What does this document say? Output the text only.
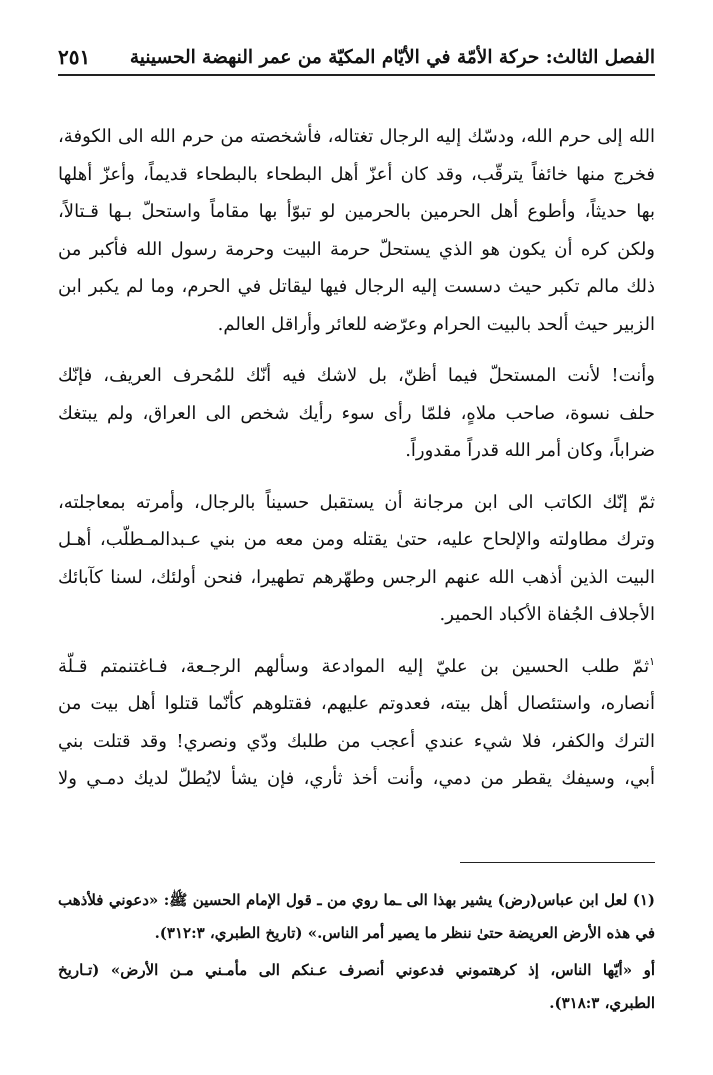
الفصل الثالث: حركة الأمّة في الأيّام المكيّة من عمر النهضة الحسينية
٢٥١
الله إلى حرم الله، ودسّك إليه الرجال تغتاله، فأشخصته من حرم الله الى الكوفة،
فخرج منها خائفاً يترقّب، وقد كان أعزّ أهل البطحاء بالبطحاء قديماً، وأعزّ أهلها
بها حديثاً، وأطوع أهل الحرمين بالحرمين لو تبوّأ بها مقاماً واستحلّ بـها قـتالاً،
ولكن كره أن يكون هو الذي يستحلّ حرمة البيت وحرمة رسول الله فأكبر من
ذلك مالم تكبر حيث دسست إليه الرجال فيها ليقاتل في الحرم، وما لم يكبر ابن
الزبير حيث ألحد بالبيت الحرام وعرّضه للعائر وأراقل العالم.
وأنت! لأنت المستحلّ فيما أظنّ، بل لاشك فيه أنّك للمُحرف العريف، فإنّك
حلف نسوة، صاحب ملاهٍ، فلمّا رأى سوء رأيك شخص الى العراق، ولم يبتغك
ضراباً، وكان أمر الله قدراً مقدوراً.
ثمّ إنّك الكاتب الى ابن مرجانة أن يستقبل حسيناً بالرجال، وأمرته بمعاجلته،
وترك مطاولته والإلحاح عليه، حتىٰ يقتله ومن معه من بني عـبدالمـطلّب، أهـل
البيت الذين أذهب الله عنهم الرجس وطهّرهم تطهيرا، فنحن أولئك، لسنا كآبائك
الأجلاف الجُفاة الأكباد الحمير.
$^١$ثمّ طلب الحسين بن عليّ إليه الموادعة وسألهم الرجـعة، فـاغتنمتم قـلّة
أنصاره، واستئصال أهل بيته، فعدوتم عليهم، فقتلوهم كأنّما قتلوا أهل بيت من
الترك والكفر، فلا شيء عندي أعجب من طلبك ودّي ونصري! وقد قتلت بني
أبي، وسيفك يقطر من دمي، وأنت أخذ ثأري، فإن يشأ لايُطلّ لديك دمـي ولا
(١) لعل ابن عباس(رض) يشير بهذا الى ـما روي من ـ قول الإمام الحسين ﷺ: «دعوني فلأذهب
في هذه الأرض العريضة حتىٰ ننظر ما يصير أمر الناس.» (تاريخ الطبري، ٣١٢:٣).
أو «أيّها الناس، إذ كرهتموني فدعوني أنصرف عـنكم الى مأمـني مـن الأرض» (تـاريخ
الطبري، ٣١٨:٣).
